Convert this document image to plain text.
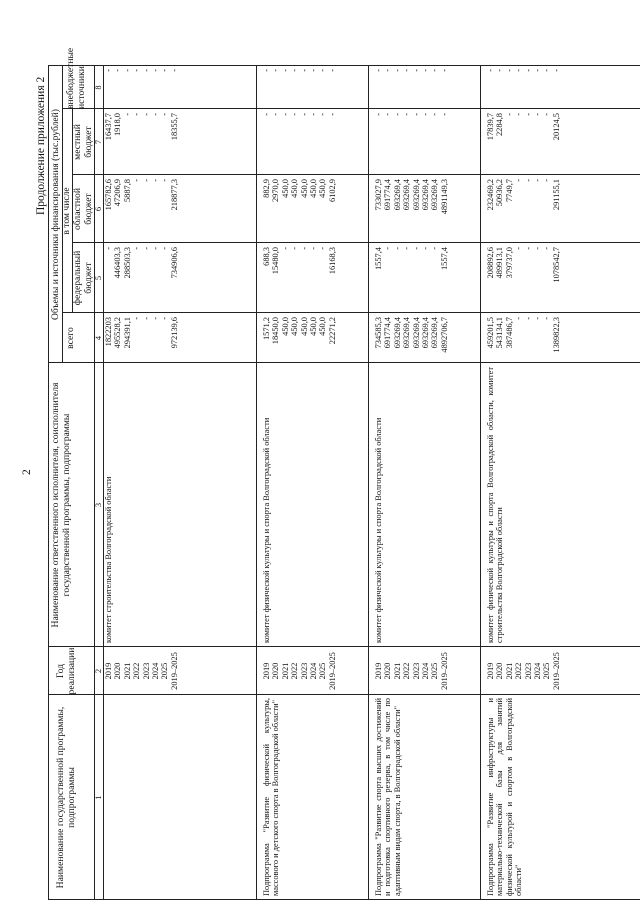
2
Продолжение приложения 2
Наименование государственной программы, подпрограммы
Год реализации
Наименование ответственного исполнителя, соисполнителя государственной программы, подпрограммы
Объемы и источники финансирования (тыс.рублей)
всего
в том числе
федеральный бюджет
областной бюджет
местный бюджет
внебюджетные источники
1
2
3
4
5
6
7
8
комитет строительства Волгоградской области
2019 2020 2021 2022 2023 2024 2025 2019–2025
1822203 495528,2 294391,1 - - - - 972139,6
- 446403,3 288503,3 - - - - 734906,6
165782,6 47206,9 5887,8 - - - - 218877,3
16437,7 1918,0 - - - - - 18355,7
- - - - - - - -
Подпрограмма "Развитие физической культуры, массового и детского спорта в Волгоградской области"
комитет физической культуры и спорта Волгоградской области
2019 2020 2021 2022 2023 2024 2025 2019–2025
1571,2 18450,0 450,0 450,0 450,0 450,0 450,0 22271,2
688,3 15480,0 - - - - - 16168,3
882,9 2970,0 450,0 450,0 450,0 450,0 450,0 6102,9
- - - - - - - -
- - - - - - - -
Подпрограмма "Развитие спорта высших достижений и подготовка спортивного резерва, в том числе по адаптивным видам спорта, в Волгоградской области"
комитет физической культуры и спорта Волгоградской области
2019 2020 2021 2022 2023 2024 2025 2019–2025
734585,3 691774,4 693269,4 693269,4 693269,4 693269,4 693269,4 4892706,7
1557,4 - - - - - - 1557,4
733027,9 691774,4 693269,4 693269,4 693269,4 693269,4 693269,4 4891149,3
- - - - - - - -
- - - - - - - -
Подпрограмма "Развитие инфраструктуры и материально-технической базы для занятий физической культурой и спортом в Волгоградской области"
комитет физической культуры и спорта Волгоградской области, комитет строительства Волгоградской области
2019 2020 2021 2022 2023 2024 2025 2019–2025
459201,5 543134,1 387486,7 - - - - 1389822,3
208892,6 489913,1 379737,0 - - - - 1078542,7
232469,2 50936,2 7749,7 - - - - 291155,1
17839,7 2284,8 - - - - - 20124,5
- - - - - - - -
